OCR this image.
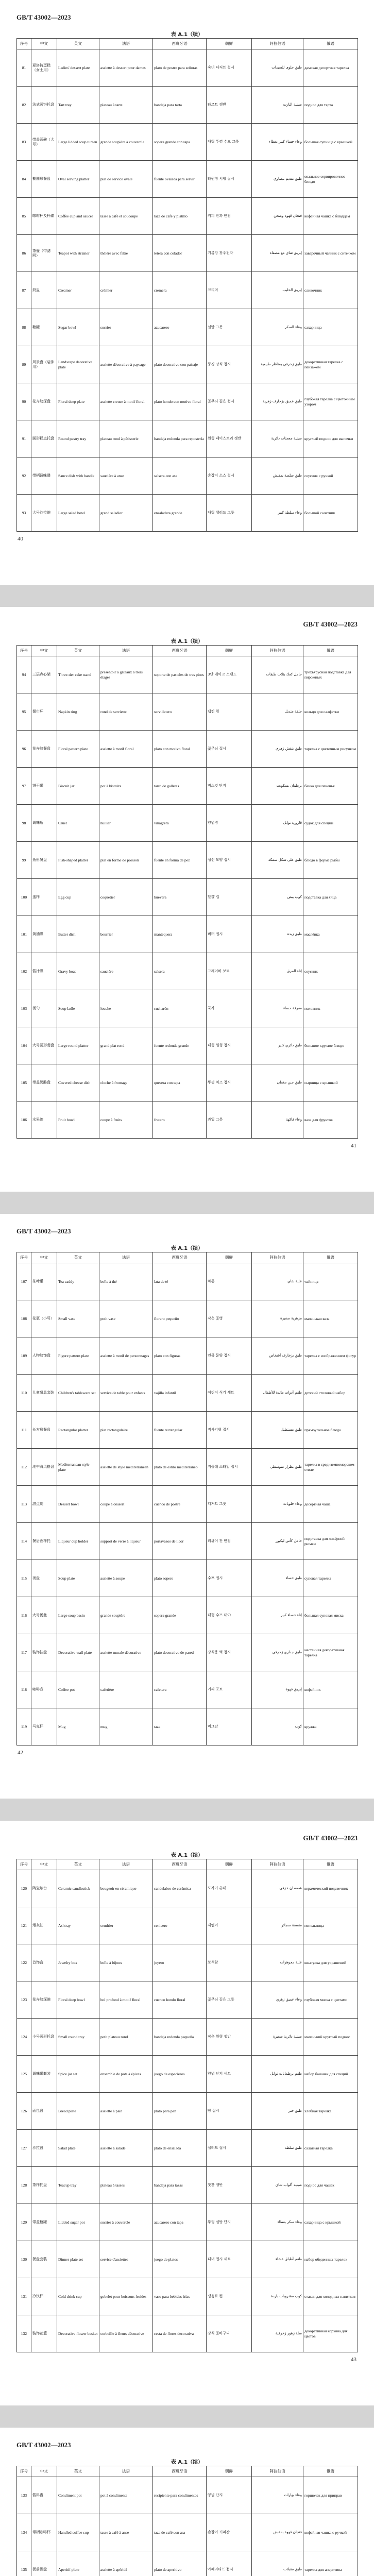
GB/T 43002—2023
表 A.1（续）
序号	中文	英文	法语	西班牙语	朝鲜	阿拉伯语	俄语
81	夏洛特蛋糕（女士用）	Ladies' dessert plate	assiette à dessert pour dames	plato de postre para señoras	숙녀 디저트 접시	طبق حلوى للسيدات	дамская десертная тарелка
82	法式圆饼托盘	Tart tray	plateau à tarte	bandeja para tarta	타르트 쟁반	صينية التارت	поднос для тарта
83	带盖汤碗（大号）	Large lidded soup tureen	grande soupière à couvercle	sopera grande con tapa	대형 뚜껑 수프 그릇	وعاء حساء كبير بغطاء	большая супница с крышкой
84	椭圆形餐盘	Oval serving platter	plat de service ovale	fuente ovalada para servir	타원형 서빙 접시	طبق تقديم بيضاوي	овальное сервировочное блюдо
85	咖啡杯及杯碟	Coffee cup and saucer	tasse à café et soucoupe	taza de café y platillo	커피 잔과 받침	فنجان قهوة وصحن	кофейная чашка с блюдцем
86	茶壶（带滤网）	Teapot with strainer	théière avec filtre	tetera con colador	거름망 찻주전자	إبريق شاي مع مصفاة	заварочный чайник с ситечком
87	奶盅	Creamer	crémier	cremera	크리머	إبريق الحليب	сливочник
88	糖罐	Sugar bowl	sucrier	azucarero	설탕 그릇	وعاء السكر	сахарница
89	风景盘（装饰用）	Landscape decorative plate	assiette décorative à paysage	plato decorativo con paisaje	풍경 장식 접시	طبق زخرفي بمناظر طبيعية	декоративная тарелка с пейзажем
90	花卉纹深盘	Floral deep plate	assiette creuse à motif floral	plato hondo con motivo floral	꽃무늬 깊은 접시	طبق عميق بزخارف زهرية	глубокая тарелка с цветочным узором
91	圆形糕点托盘	Round pastry tray	plateau rond à pâtisserie	bandeja redonda para repostería	원형 페이스트리 쟁반	صينية معجنات دائرية	круглый поднос для выпечки
92	带柄调味碟	Sauce dish with handle	saucière à anse	salsera con asa	손잡이 소스 접시	طبق صلصة بمقبض	соусник с ручкой
93	大号沙拉碗	Large salad bowl	grand saladier	ensaladera grande	대형 샐러드 그릇	وعاء سلطة كبير	большой салатник
40
GB/T 43002—2023
表 A.1（续）
序号	中文	英文	法语	西班牙语	朝鲜	阿拉伯语	俄语
94	三层点心架	Three-tier cake stand	présentoir à gâteaux à trois étages	soporte de pasteles de tres pisos	3단 케이크 스탠드	حامل كعك بثلاث طبقات	трёхъярусная подставка для пирожных
95	餐巾环	Napkin ring	rond de serviette	servilletero	냅킨 링	حلقة منديل	кольцо для салфетки
96	花卉纹餐盘	Floral pattern plate	assiette à motif floral	plato con motivo floral	꽃무늬 접시	طبق بنقش زهري	тарелка с цветочным рисунком
97	饼干罐	Biscuit jar	pot à biscuits	tarro de galletas	비스킷 단지	برطمان بسكويت	банка для печенья
98	调味瓶	Cruet	huilier	vinagrera	양념병	قارورة توابل	судок для специй
99	鱼形餐盘	Fish-shaped platter	plat en forme de poisson	fuente en forma de pez	생선 모양 접시	طبق على شكل سمكة	блюдо в форме рыбы
100	蛋杯	Egg cup	coquetier	huevera	달걀 컵	كوب بيض	подставка для яйца
101	黄油碟	Butter dish	beurrier	mantequera	버터 접시	طبق زبدة	маслёнка
102	酱汁碟	Gravy boat	saucière	salsera	그레이비 보트	إناء المرق	соусник
103	汤勺	Soup ladle	louche	cucharón	국자	مغرفة حساء	половник
104	大号圆形餐盘	Large round platter	grand plat rond	fuente redonda grande	대형 원형 접시	طبق دائري كبير	большое круглое блюдо
105	带盖奶酪盘	Covered cheese dish	cloche à fromage	quesera con tapa	뚜껑 치즈 접시	طبق جبن مغطى	сырница с крышкой
106	水果碗	Fruit bowl	coupe à fruits	frutero	과일 그릇	وعاء فاكهة	ваза для фруктов
41
GB/T 43002—2023
表 A.1（续）
序号	中文	英文	法语	西班牙语	朝鲜	阿拉伯语	俄语
107	茶叶罐	Tea caddy	boîte à thé	lata de té	차통	علبة شاي	чайница
108	花瓶（小号）	Small vase	petit vase	florero pequeño	작은 꽃병	مزهرية صغيرة	маленькая ваза
109	人物纹饰盘	Figure pattern plate	assiette à motif de personnages	plato con figuras	인물 문양 접시	طبق بزخارف أشخاص	тарелка с изображением фигур
110	儿童餐具套装	Children's tableware set	service de table pour enfants	vajilla infantil	어린이 식기 세트	طقم أدوات مائدة للأطفال	детский столовый набор
111	长方形餐盘	Rectangular platter	plat rectangulaire	fuente rectangular	직사각형 접시	طبق مستطيل	прямоугольное блюдо
112	地中海风格盘	Mediterranean style plate	assiette de style méditerranéen	plato de estilo mediterráneo	지중해 스타일 접시	طبق بطراز متوسطي	тарелка в средиземноморском стиле
113	甜点碗	Dessert bowl	coupe à dessert	cuenco de postre	디저트 그릇	وعاء حلويات	десертная чаша
114	餐后酒杯托	Liqueur cup holder	support de verre à liqueur	portavasos de licor	리큐어 잔 받침	حامل كأس ليكيور	подставка для ликёрной рюмки
115	汤盘	Soup plate	assiette à soupe	plato sopero	수프 접시	طبق حساء	суповая тарелка
116	大号汤盆	Large soup basin	grande soupière	sopera grande	대형 수프 대야	إناء حساء كبير	большая суповая миска
117	装饰挂盘	Decorative wall plate	assiette murale décorative	plato decorativo de pared	장식용 벽 접시	طبق جداري زخرفي	настенная декоративная тарелка
118	咖啡壶	Coffee pot	cafetière	cafetera	커피 포트	إبريق قهوة	кофейник
119	马克杯	Mug	mug	taza	머그잔	كوب	кружка
42
GB/T 43002—2023
表 A.1（续）
序号	中文	英文	法语	西班牙语	朝鲜	阿拉伯语	俄语
120	陶瓷烛台	Ceramic candlestick	bougeoir en céramique	candelabro de cerámica	도자기 촛대	شمعدان خزفي	керамический подсвечник
121	烟灰缸	Ashtray	cendrier	cenicero	재떨이	منفضة سجائر	пепельница
122	首饰盒	Jewelry box	boîte à bijoux	joyero	보석함	علبة مجوهرات	шкатулка для украшений
123	花卉纹深碗	Floral deep bowl	bol profond à motif floral	cuenco hondo floral	꽃무늬 깊은 그릇	وعاء عميق زهري	глубокая миска с цветами
124	小号圆形托盘	Small round tray	petit plateau rond	bandeja redonda pequeña	작은 원형 쟁반	صينية دائرية صغيرة	маленький круглый поднос
125	调味罐套装	Spice jar set	ensemble de pots à épices	juego de especieros	양념 단지 세트	طقم برطمانات توابل	набор баночек для специй
126	面包盘	Bread plate	assiette à pain	plato para pan	빵 접시	طبق خبز	хлебная тарелка
127	沙拉盘	Salad plate	assiette à salade	plato de ensalada	샐러드 접시	طبق سلطة	салатная тарелка
128	茶杯托盘	Teacup tray	plateau à tasses	bandeja para tazas	찻잔 쟁반	صينية أكواب شاي	поднос для чашек
129	带盖糖罐	Lidded sugar pot	sucrier à couvercle	azucarero con tapa	뚜껑 설탕 단지	وعاء سكر بغطاء	сахарница с крышкой
130	餐盘套装	Dinner plate set	service d'assiettes	juego de platos	디너 접시 세트	طقم أطباق عشاء	набор обеденных тарелок
131	冷饮杯	Cold drink cup	gobelet pour boissons froides	vaso para bebidas frías	냉음료 컵	كوب مشروبات باردة	стакан для холодных напитков
132	装饰花篮	Decorative flower basket	corbeille à fleurs décorative	cesta de flores decorativa	장식 꽃바구니	سلة زهور زخرفية	декоративная корзина для цветов
43
GB/T 43002—2023
表 A.1（续）
序号	中文	英文	法语	西班牙语	朝鲜	阿拉伯语	俄语
133	酱料盅	Condiment pot	pot à condiments	recipiente para condimentos	양념 단지	وعاء بهارات	горшочек для приправ
134	带柄咖啡杯	Handled coffee cup	tasse à café à anse	taza de café con asa	손잡이 커피잔	فنجان قهوة بمقبض	кофейная чашка с ручкой
135	餐前酒盘	Aperitif plate	assiette à apéritif	plato de aperitivo	아페리티프 접시	طبق مقبلات	тарелка для аперитива
